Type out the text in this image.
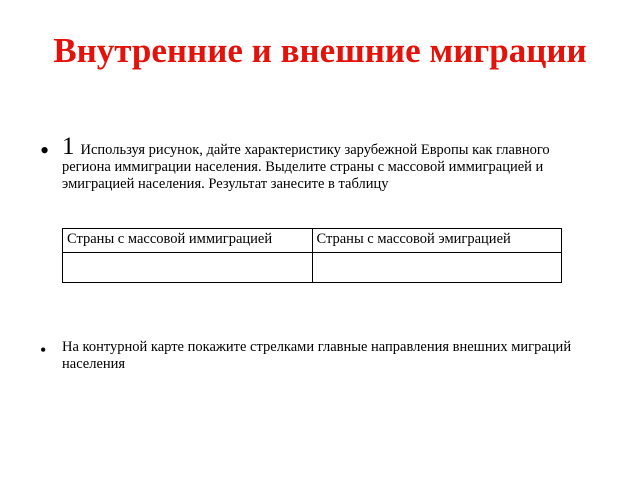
Внутренние и внешние миграции
• 1 Используя рисунок, дайте характеристику зарубежной Европы как главного региона иммиграции населения. Выделите страны с массовой иммиграцией и эмиграцией населения. Результат занесите в таблицу
Страны с массовой иммиграцией	Страны с массовой эмиграцией

• На контурной карте покажите стрелками главные направления внешних миграций населения
